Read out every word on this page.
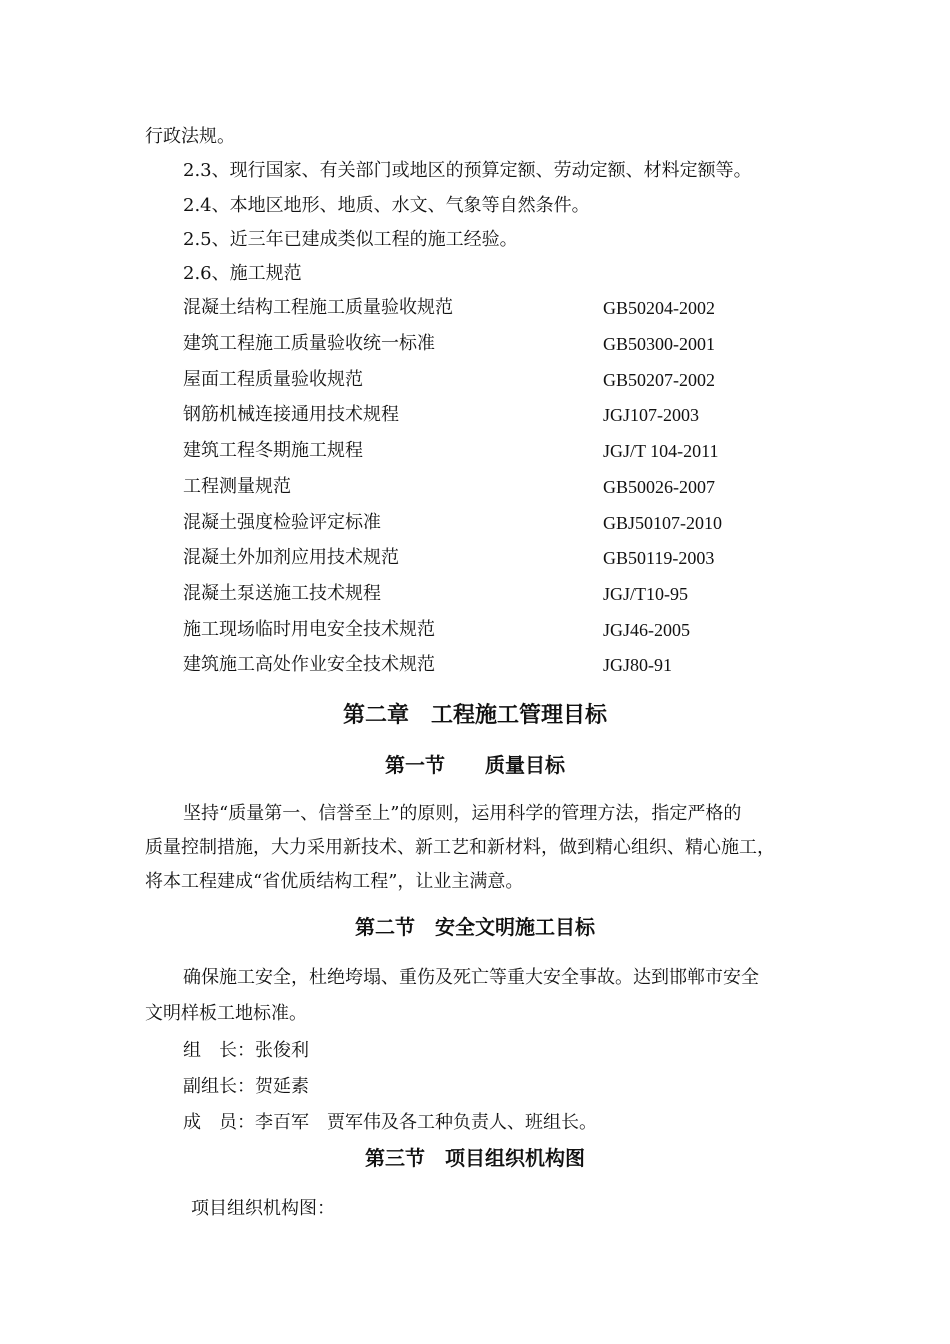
行政法规。
2.3、现行国家、有关部门或地区的预算定额、劳动定额、材料定额等。
2.4、本地区地形、地质、水文、气象等自然条件。
2.5、近三年已建成类似工程的施工经验。
2.6、施工规范
混凝土结构工程施工质量验收规范	GB50204-2002
建筑工程施工质量验收统一标准	GB50300-2001
屋面工程质量验收规范	GB50207-2002
钢筋机械连接通用技术规程	JGJ107-2003
建筑工程冬期施工规程	JGJ/T 104-2011
工程测量规范	GB50026-2007
混凝土强度检验评定标准	GBJ50107-2010
混凝土外加剂应用技术规范	GB50119-2003
混凝土泵送施工技术规程	JGJ/T10-95
施工现场临时用电安全技术规范	JGJ46-2005
建筑施工高处作业安全技术规范	JGJ80-91
第二章　工程施工管理目标
第一节　　质量目标
坚持“质量第一、信誉至上”的原则，运用科学的管理方法，指定严格的
质量控制措施，大力采用新技术、新工艺和新材料，做到精心组织、精心施工，
将本工程建成“省优质结构工程”，让业主满意。
第二节　安全文明施工目标
确保施工安全，杜绝垮塌、重伤及死亡等重大安全事故。达到邯郸市安全
文明样板工地标准。
组　长：张俊利
副组长：贺延素
成　员：李百军　贾军伟及各工种负责人、班组长。
第三节　项目组织机构图
项目组织机构图：
